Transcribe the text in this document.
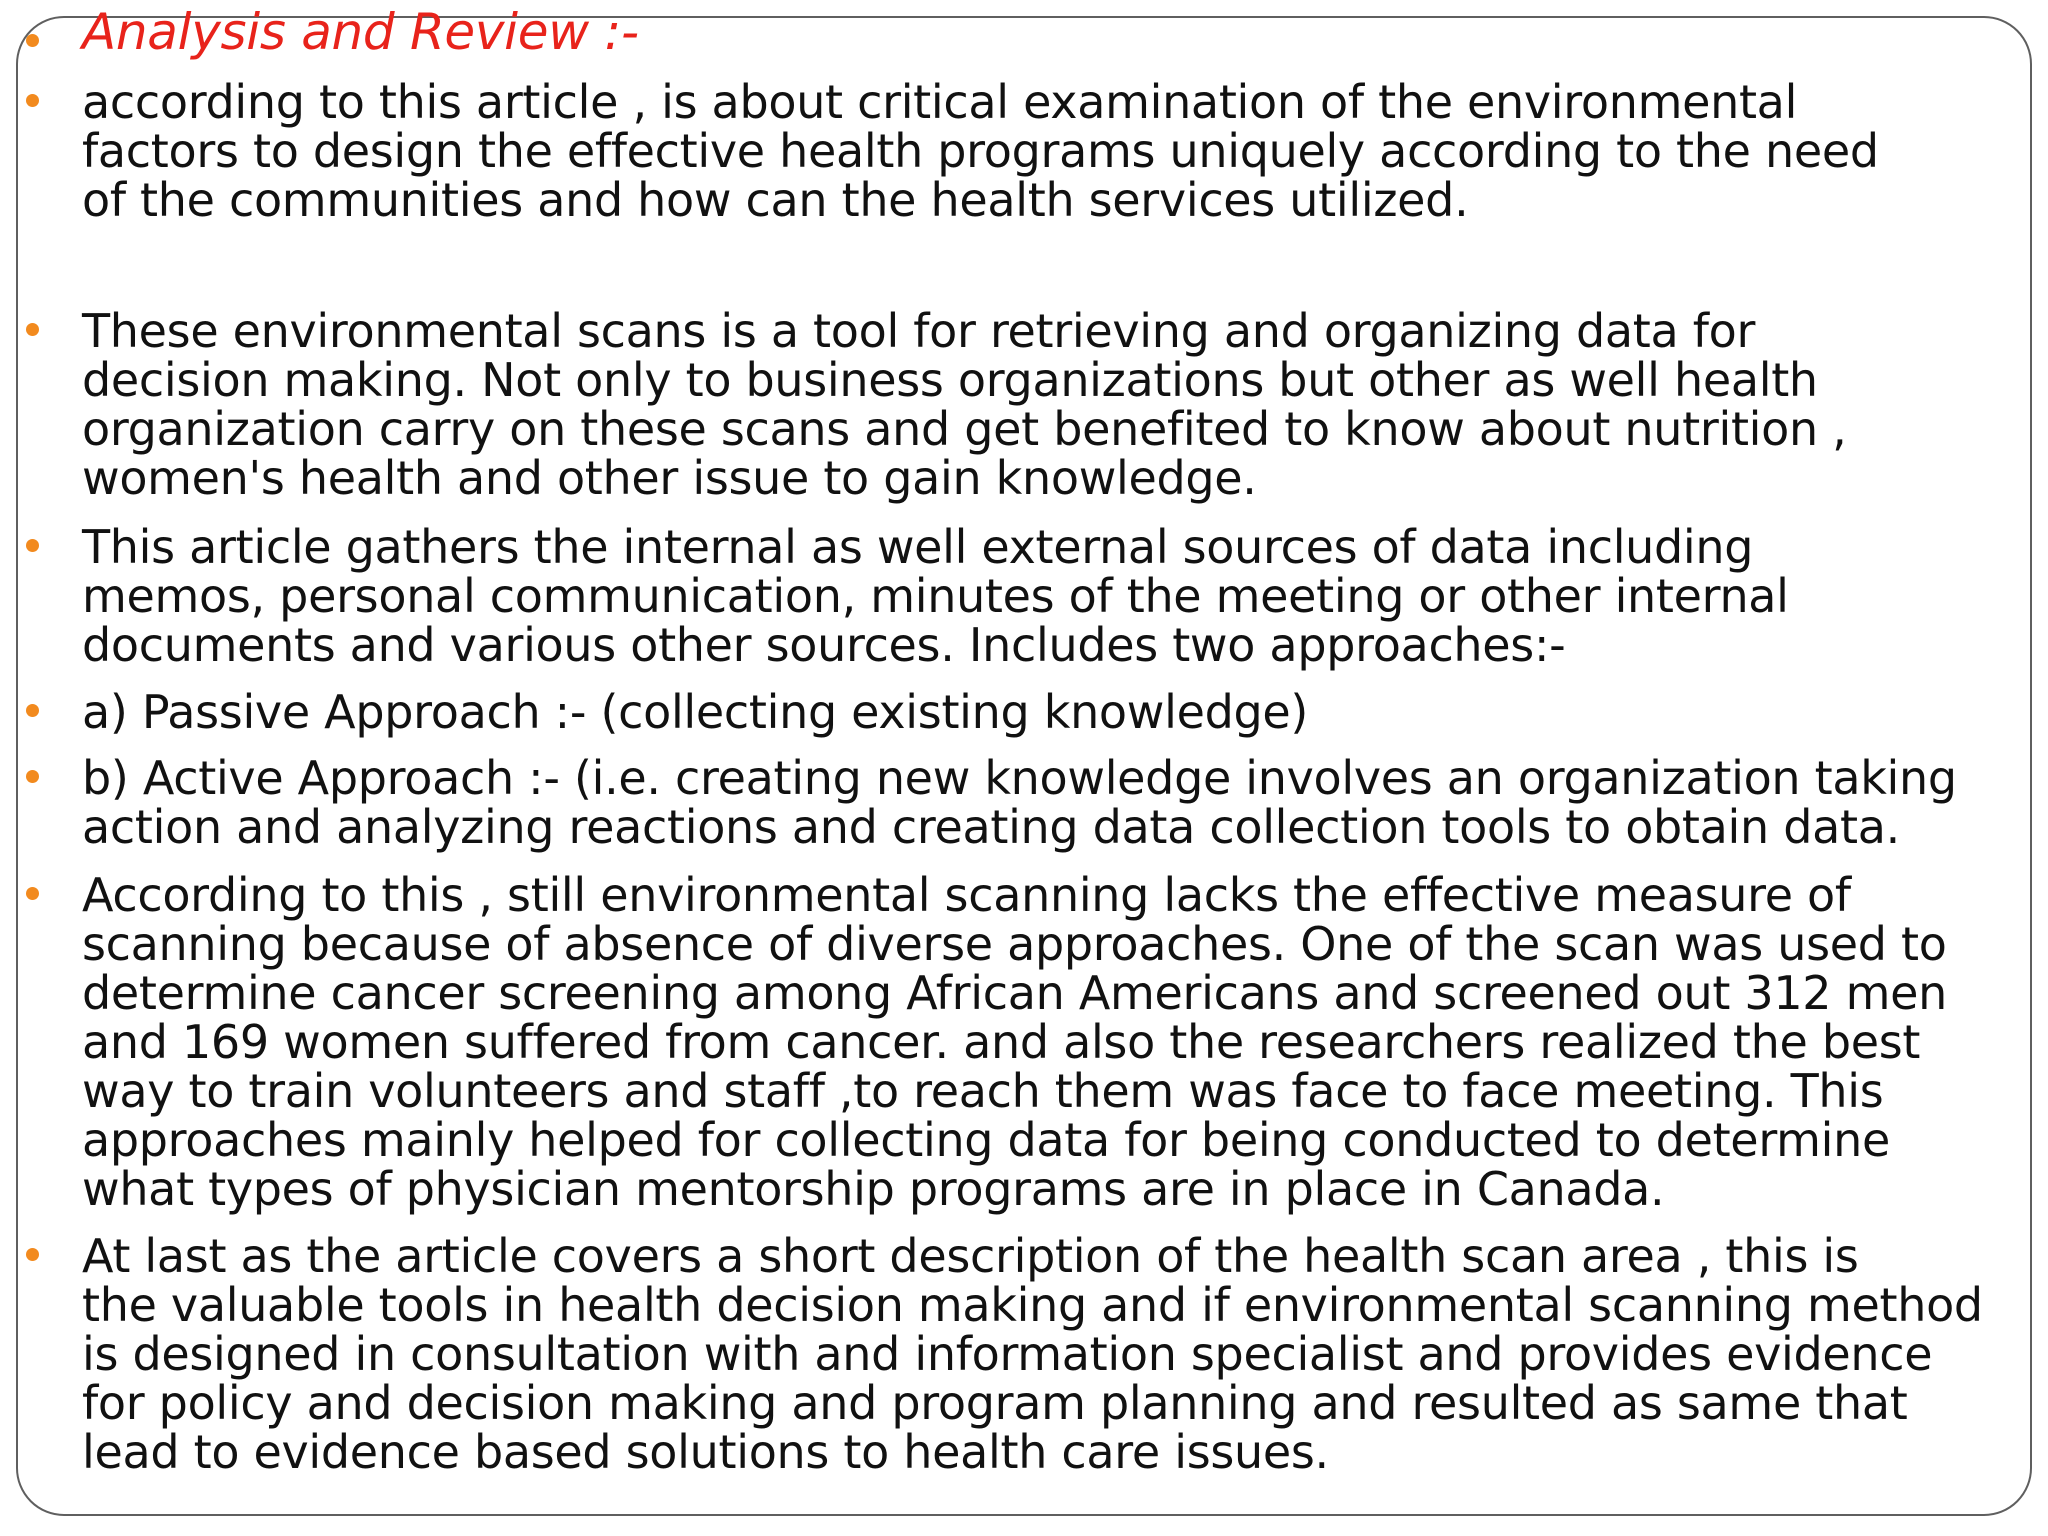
Analysis and Review :-
according to this article , is about critical examination of the environmental
factors to design the effective health programs uniquely according to the need
of the communities and how can the health services utilized.
These environmental scans is a tool for retrieving and organizing data for
decision making. Not only to business organizations but other as well health
organization carry on these scans and get benefited to know about nutrition ,
women's health and other issue to gain knowledge.
This article gathers the internal as well external sources of data including
memos, personal communication, minutes of the meeting or other internal
documents and various other sources. Includes two approaches:-
a) Passive Approach :- (collecting existing knowledge)
b) Active Approach :- (i.e. creating new knowledge involves an organization taking
action and analyzing reactions and creating data collection tools to obtain data.
According to this , still environmental scanning lacks the effective measure of
scanning because of absence of diverse approaches. One of the scan was used to
determine cancer screening among African Americans and screened out 312 men
and 169 women suffered from cancer. and also the researchers realized the best
way to train volunteers and staff ,to reach them was face to face meeting. This
approaches mainly helped for collecting data for being conducted to determine
what types of physician mentorship programs are in place in Canada.
At last as the article covers a short description of the health scan area , this is
the valuable tools in health decision making and if environmental scanning method
is designed in consultation with and information specialist and provides evidence
for policy and decision making and program planning and resulted as same that
lead to evidence based solutions to health care issues.
